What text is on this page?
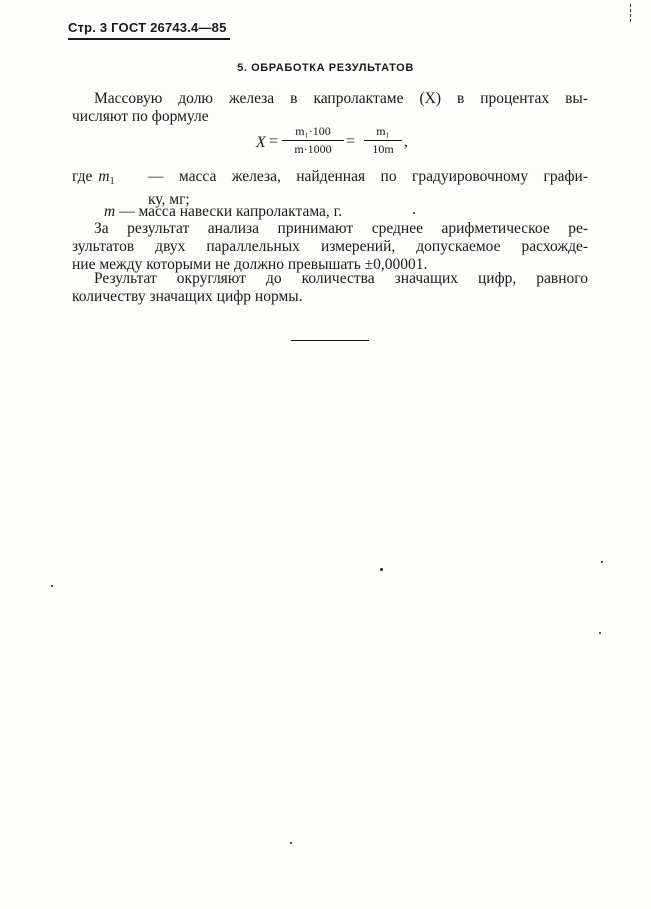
Стр. 3 ГОСТ 26743.4—85
5. ОБРАБОТКА РЕЗУЛЬТАТОВ
Массовую долю железа в капролактаме (X) в процентах вы-
числяют по формуле
X =
m₁·100
m·1000 =
m₁
10m ,
где $m_1$ — масса железа, найденная по градуировочному графи-
ку, мг;
m — масса навески капролактама, г.
За результат анализа принимают среднее арифметическое ре-
зультатов двух параллельных измерений, допускаемое расхожде-
ние между которыми не должно превышать ±0,00001.
Результат округляют до количества значащих цифр, равного
количеству значащих цифр нормы.
